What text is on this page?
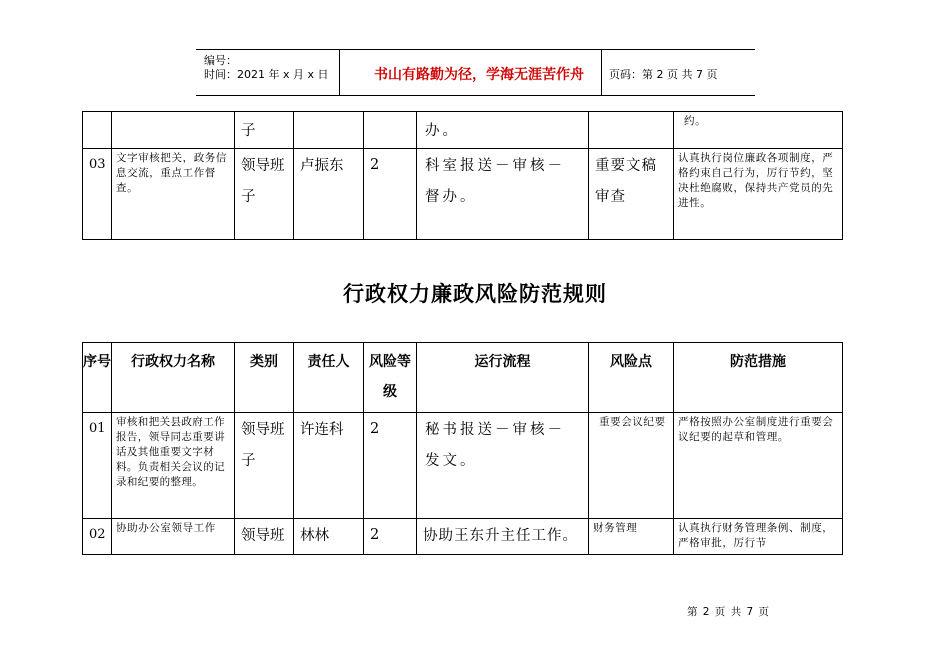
编号：
时间：2021 年 x 月 x 日	书山有路勤为径，学海无涯苦作舟	页码：第 2 页 共 7 页
		子			办。		约。
03	文字审核把关，政务信息交流，重点工作督查。	领导班子	卢振东	2	科室报送－审核－督办。	重要文稿审查	认真执行岗位廉政各项制度，严格约束自己行为，厉行节约，坚决杜绝腐败，保持共产党员的先进性。
行政权力廉政风险防范规则
序号	行政权力名称	类别	责任人	风险等级	运行流程	风险点	防范措施
01	审核和把关县政府工作报告，领导同志重要讲话及其他重要文字材料。负责相关会议的记录和纪要的整理。	领导班子	许连科	2	秘书报送－审核－发文。	重要会议纪要	严格按照办公室制度进行重要会议纪要的起草和管理。
02	协助办公室领导工作	领导班	林林	2	协助王东升主任工作。	财务管理	认真执行财务管理条例、制度，严格审批，厉行节
第 2 页 共 7 页
